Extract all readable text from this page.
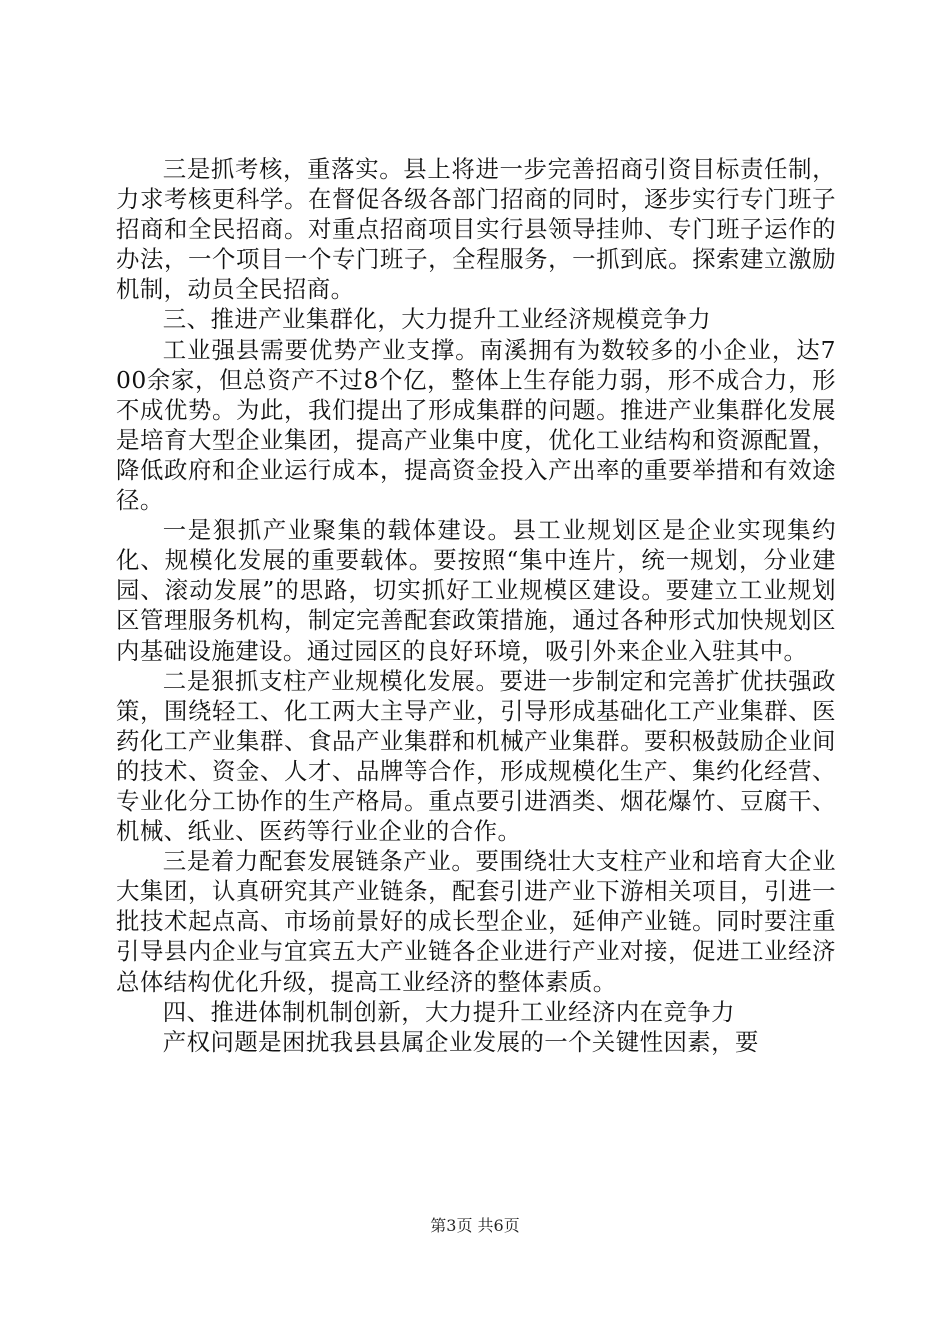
三是抓考核，重落实。县上将进一步完善招商引资目标责任制，力求考核更科学。在督促各级各部门招商的同时，逐步实行专门班子招商和全民招商。对重点招商项目实行县领导挂帅、专门班子运作的办法，一个项目一个专门班子，全程服务，一抓到底。探索建立激励机制，动员全民招商。

三、推进产业集群化，大力提升工业经济规模竞争力

工业强县需要优势产业支撑。南溪拥有为数较多的小企业，达700余家，但总资产不过8个亿，整体上生存能力弱，形不成合力，形不成优势。为此，我们提出了形成集群的问题。推进产业集群化发展是培育大型企业集团，提高产业集中度，优化工业结构和资源配置，降低政府和企业运行成本，提高资金投入产出率的重要举措和有效途径。

一是狠抓产业聚集的载体建设。县工业规划区是企业实现集约化、规模化发展的重要载体。要按照“集中连片，统一规划，分业建园、滚动发展”的思路，切实抓好工业规模区建设。要建立工业规划区管理服务机构，制定完善配套政策措施，通过各种形式加快规划区内基础设施建设。通过园区的良好环境，吸引外来企业入驻其中。

二是狠抓支柱产业规模化发展。要进一步制定和完善扩优扶强政策，围绕轻工、化工两大主导产业，引导形成基础化工产业集群、医药化工产业集群、食品产业集群和机械产业集群。要积极鼓励企业间的技术、资金、人才、品牌等合作，形成规模化生产、集约化经营、专业化分工协作的生产格局。重点要引进酒类、烟花爆竹、豆腐干、机械、纸业、医药等行业企业的合作。

三是着力配套发展链条产业。要围绕壮大支柱产业和培育大企业大集团，认真研究其产业链条，配套引进产业下游相关项目，引进一批技术起点高、市场前景好的成长型企业，延伸产业链。同时要注重引导县内企业与宜宾五大产业链各企业进行产业对接，促进工业经济总体结构优化升级，提高工业经济的整体素质。

四、推进体制机制创新，大力提升工业经济内在竞争力

产权问题是困扰我县县属企业发展的一个关键性因素，要

第3页 共6页
